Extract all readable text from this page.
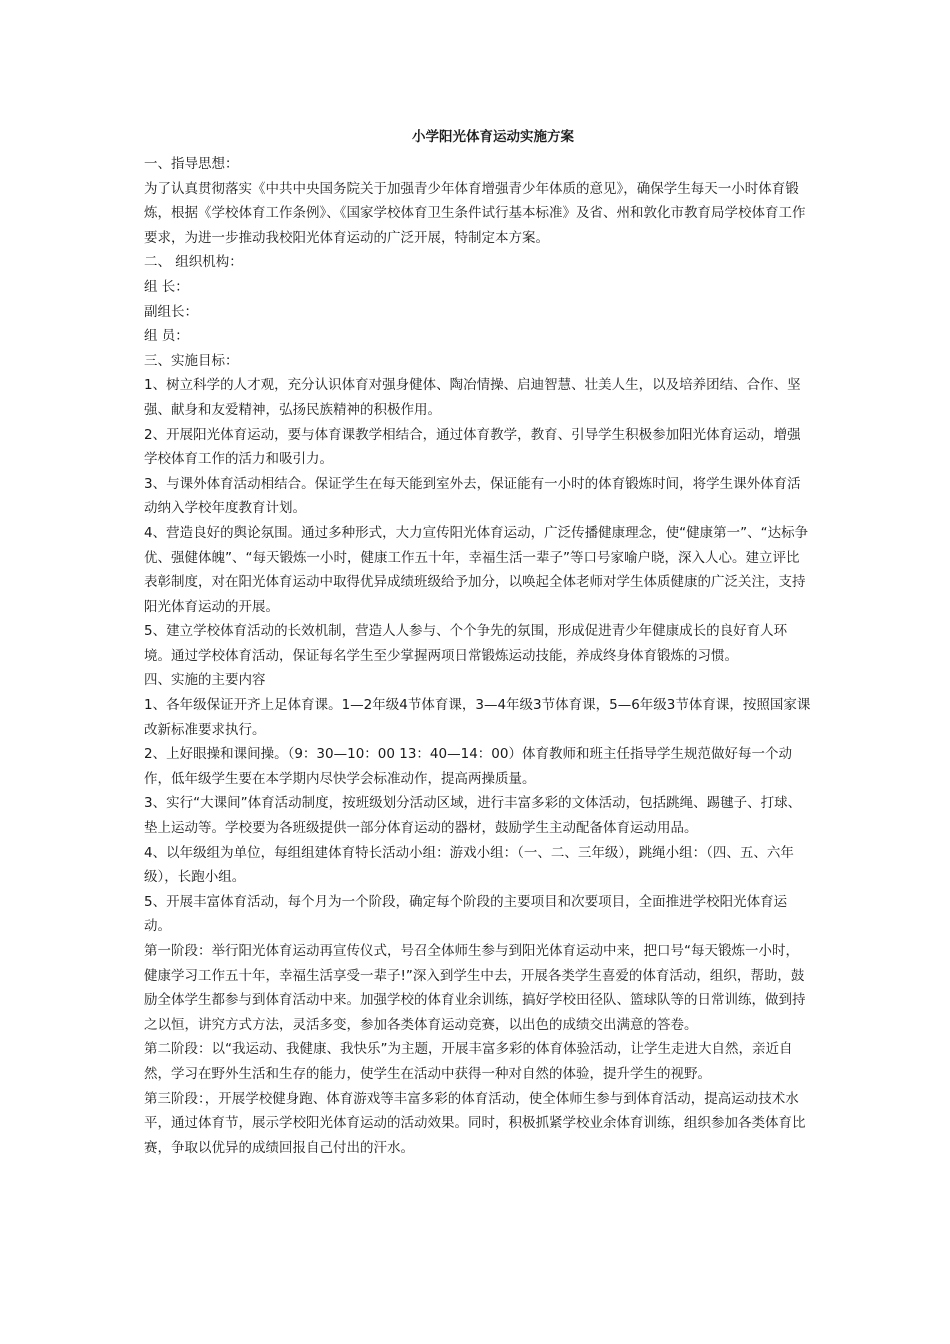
小学阳光体育运动实施方案
一、指导思想：
为了认真贯彻落实《中共中央国务院关于加强青少年体育增强青少年体质的意见》，确保学生每天一小时体育锻炼，根据《学校体育工作条例》、《国家学校体育卫生条件试行基本标准》及省、州和敦化市教育局学校体育工作要求，为进一步推动我校阳光体育运动的广泛开展，特制定本方案。
二、 组织机构：
组 长：
副组长：
组 员：
三、实施目标：
1、树立科学的人才观，充分认识体育对强身健体、陶冶情操、启迪智慧、壮美人生，以及培养团结、合作、坚强、献身和友爱精神，弘扬民族精神的积极作用。
2、开展阳光体育运动，要与体育课教学相结合，通过体育教学，教育、引导学生积极参加阳光体育运动，增强学校体育工作的活力和吸引力。
3、与课外体育活动相结合。保证学生在每天能到室外去，保证能有一小时的体育锻炼时间，将学生课外体育活动纳入学校年度教育计划。
4、营造良好的舆论氛围。通过多种形式，大力宣传阳光体育运动，广泛传播健康理念，使“健康第一”、“达标争优、强健体魄”、“每天锻炼一小时，健康工作五十年，幸福生活一辈子”等口号家喻户晓，深入人心。建立评比表彰制度，对在阳光体育运动中取得优异成绩班级给予加分，以唤起全体老师对学生体质健康的广泛关注，支持阳光体育运动的开展。
5、建立学校体育活动的长效机制，营造人人参与、个个争先的氛围，形成促进青少年健康成长的良好育人环境。通过学校体育活动，保证每名学生至少掌握两项日常锻炼运动技能，养成终身体育锻炼的习惯。
四、实施的主要内容
1、各年级保证开齐上足体育课。1—2年级4节体育课，3—4年级3节体育课，5—6年级3节体育课，按照国家课改新标准要求执行。
2、上好眼操和课间操。（9：30—10：00 13：40—14：00）体育教师和班主任指导学生规范做好每一个动作，低年级学生要在本学期内尽快学会标准动作，提高两操质量。
3、实行“大课间”体育活动制度，按班级划分活动区域，进行丰富多彩的文体活动，包括跳绳、踢毽子、打球、垫上运动等。学校要为各班级提供一部分体育运动的器材，鼓励学生主动配备体育运动用品。
4、以年级组为单位，每组组建体育特长活动小组：游戏小组：（一、二、三年级），跳绳小组：（四、五、六年级），长跑小组。
5、开展丰富体育活动，每个月为一个阶段，确定每个阶段的主要项目和次要项目，全面推进学校阳光体育运动。
第一阶段：举行阳光体育运动再宣传仪式，号召全体师生参与到阳光体育运动中来，把口号“每天锻炼一小时，健康学习工作五十年，幸福生活享受一辈子!”深入到学生中去，开展各类学生喜爱的体育活动，组织，帮助，鼓励全体学生都参与到体育活动中来。加强学校的体育业余训练，搞好学校田径队、篮球队等的日常训练，做到持之以恒，讲究方式方法，灵活多变，参加各类体育运动竞赛，以出色的成绩交出满意的答卷。
第二阶段：以“我运动、我健康、我快乐”为主题，开展丰富多彩的体育体验活动，让学生走进大自然，亲近自然，学习在野外生活和生存的能力，使学生在活动中获得一种对自然的体验，提升学生的视野。
第三阶段：，开展学校健身跑、体育游戏等丰富多彩的体育活动，使全体师生参与到体育活动，提高运动技术水平，通过体育节，展示学校阳光体育运动的活动效果。同时，积极抓紧学校业余体育训练，组织参加各类体育比赛，争取以优异的成绩回报自己付出的汗水。
